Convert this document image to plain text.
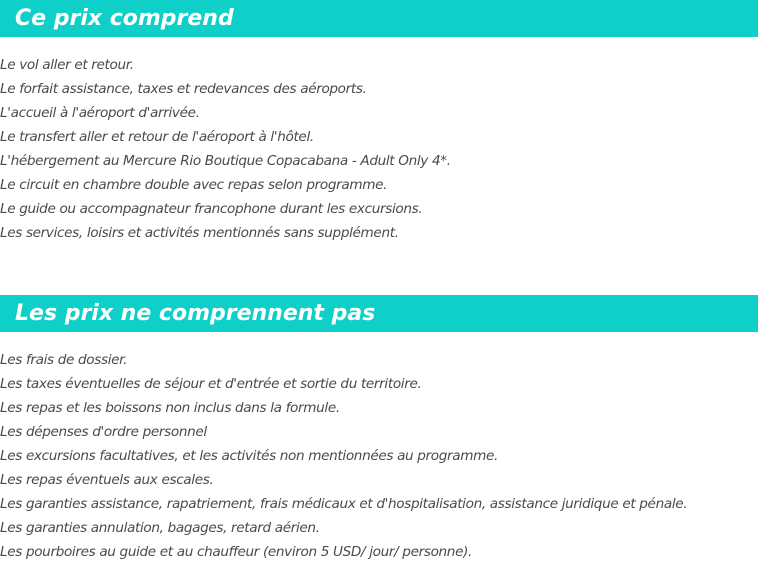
Ce prix comprend
Le vol aller et retour.
Le forfait assistance, taxes et redevances des aéroports.
L'accueil à l'aéroport d'arrivée.
Le transfert aller et retour de l'aéroport à l'hôtel.
L'hébergement au Mercure Rio Boutique Copacabana - Adult Only 4*.
Le circuit en chambre double avec repas selon programme.
Le guide ou accompagnateur francophone durant les excursions.
Les services, loisirs et activités mentionnés sans supplément.
Les prix ne comprennent pas
Les frais de dossier.
Les taxes éventuelles de séjour et d'entrée et sortie du territoire.
Les repas et les boissons non inclus dans la formule.
Les dépenses d'ordre personnel
Les excursions facultatives, et les activités non mentionnées au programme.
Les repas éventuels aux escales.
Les garanties assistance, rapatriement, frais médicaux et d'hospitalisation, assistance juridique et pénale.
Les garanties annulation, bagages, retard aérien.
Les pourboires au guide et au chauffeur (environ 5 USD/ jour/ personne).
